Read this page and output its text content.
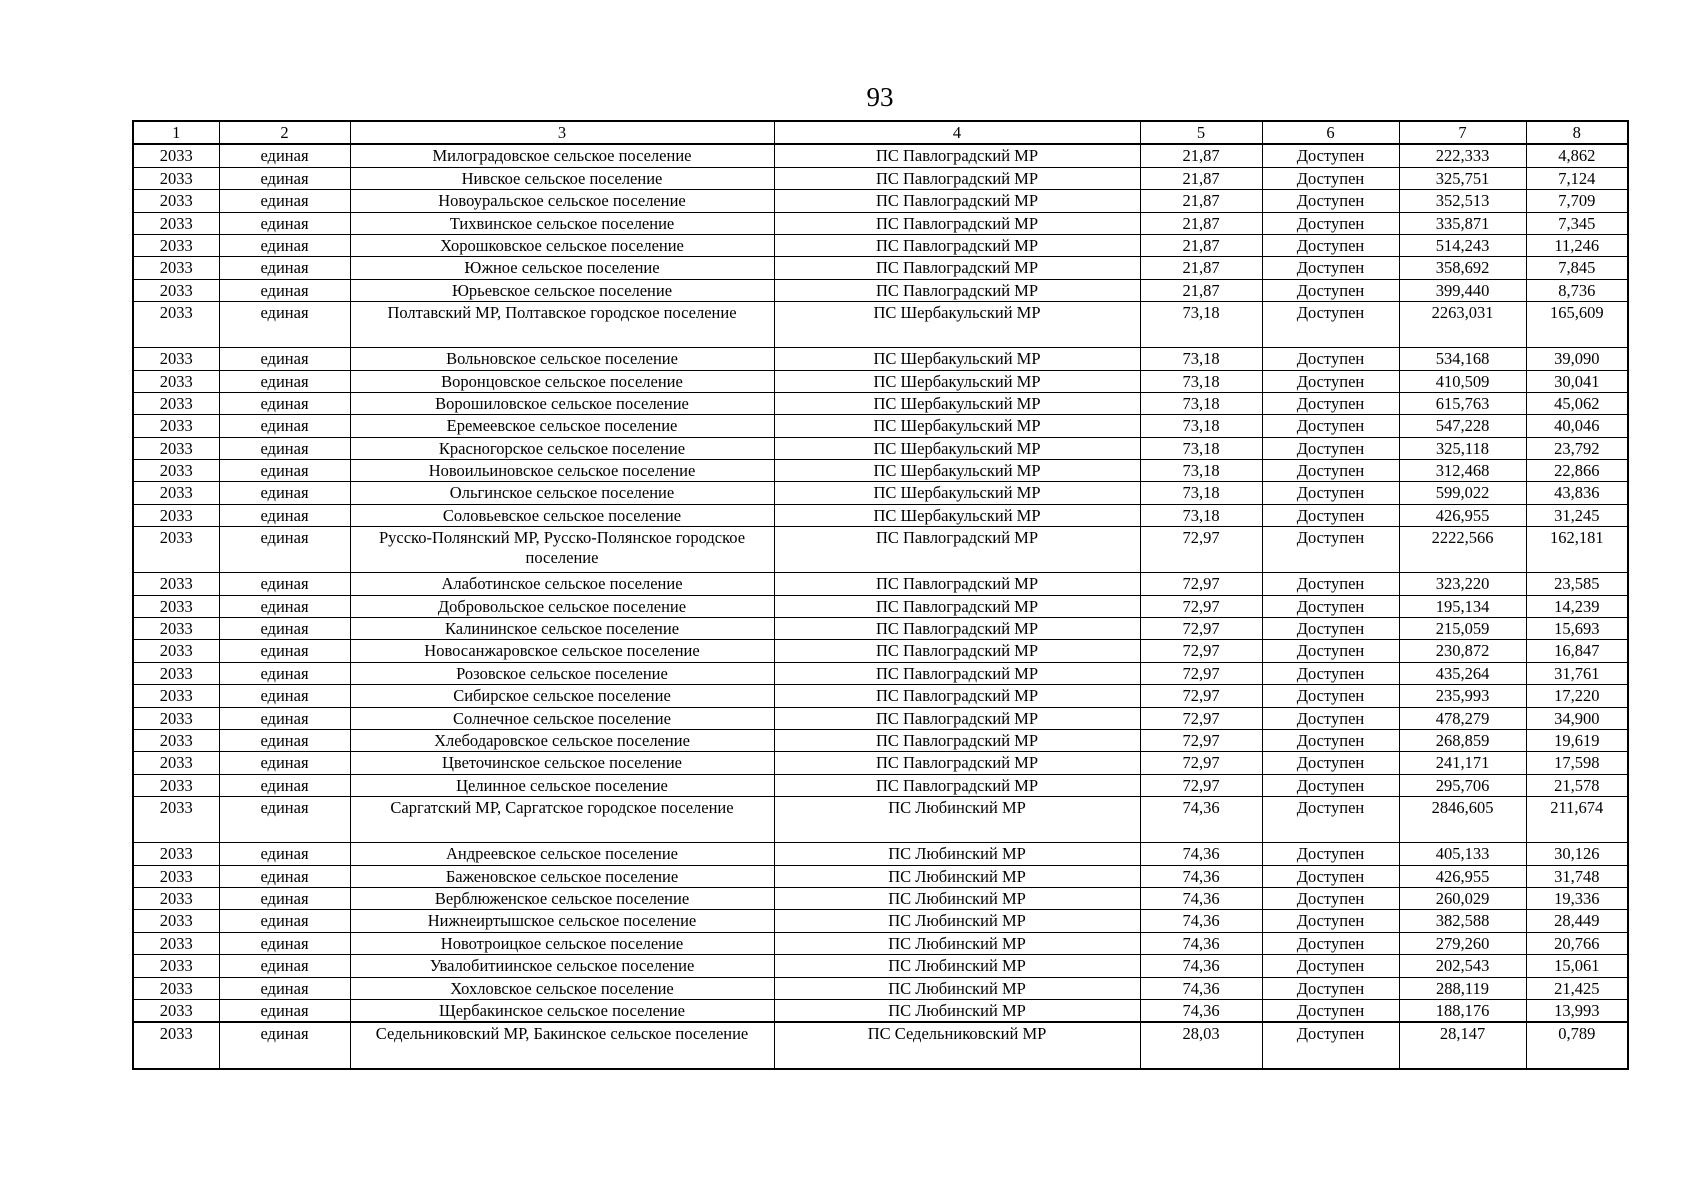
93
1	2	3	4	5	6	7	8
2033	единая	Милоградовское сельское поселение	ПС Павлоградский МР	21,87	Доступен	222,333	4,862
2033	единая	Нивское сельское поселение	ПС Павлоградский МР	21,87	Доступен	325,751	7,124
2033	единая	Новоуральское сельское поселение	ПС Павлоградский МР	21,87	Доступен	352,513	7,709
2033	единая	Тихвинское сельское поселение	ПС Павлоградский МР	21,87	Доступен	335,871	7,345
2033	единая	Хорошковское сельское поселение	ПС Павлоградский МР	21,87	Доступен	514,243	11,246
2033	единая	Южное сельское поселение	ПС Павлоградский МР	21,87	Доступен	358,692	7,845
2033	единая	Юрьевское сельское поселение	ПС Павлоградский МР	21,87	Доступен	399,440	8,736
2033	единая	Полтавский МР, Полтавское городское поселение	ПС Шербакульский МР	73,18	Доступен	2263,031	165,609
2033	единая	Вольновское сельское поселение	ПС Шербакульский МР	73,18	Доступен	534,168	39,090
2033	единая	Воронцовское сельское поселение	ПС Шербакульский МР	73,18	Доступен	410,509	30,041
2033	единая	Ворошиловское сельское поселение	ПС Шербакульский МР	73,18	Доступен	615,763	45,062
2033	единая	Еремеевское сельское поселение	ПС Шербакульский МР	73,18	Доступен	547,228	40,046
2033	единая	Красногорское сельское поселение	ПС Шербакульский МР	73,18	Доступен	325,118	23,792
2033	единая	Новоильиновское сельское поселение	ПС Шербакульский МР	73,18	Доступен	312,468	22,866
2033	единая	Ольгинское сельское поселение	ПС Шербакульский МР	73,18	Доступен	599,022	43,836
2033	единая	Соловьевское сельское поселение	ПС Шербакульский МР	73,18	Доступен	426,955	31,245
2033	единая	Русско-Полянский МР, Русско-Полянское городское поселение	ПС Павлоградский МР	72,97	Доступен	2222,566	162,181
2033	единая	Алаботинское сельское поселение	ПС Павлоградский МР	72,97	Доступен	323,220	23,585
2033	единая	Добровольское сельское поселение	ПС Павлоградский МР	72,97	Доступен	195,134	14,239
2033	единая	Калининское сельское поселение	ПС Павлоградский МР	72,97	Доступен	215,059	15,693
2033	единая	Новосанжаровское сельское поселение	ПС Павлоградский МР	72,97	Доступен	230,872	16,847
2033	единая	Розовское сельское поселение	ПС Павлоградский МР	72,97	Доступен	435,264	31,761
2033	единая	Сибирское сельское поселение	ПС Павлоградский МР	72,97	Доступен	235,993	17,220
2033	единая	Солнечное сельское поселение	ПС Павлоградский МР	72,97	Доступен	478,279	34,900
2033	единая	Хлебодаровское сельское поселение	ПС Павлоградский МР	72,97	Доступен	268,859	19,619
2033	единая	Цветочинское сельское поселение	ПС Павлоградский МР	72,97	Доступен	241,171	17,598
2033	единая	Целинное сельское поселение	ПС Павлоградский МР	72,97	Доступен	295,706	21,578
2033	единая	Саргатский МР, Саргатское городское поселение	ПС Любинский МР	74,36	Доступен	2846,605	211,674
2033	единая	Андреевское сельское поселение	ПС Любинский МР	74,36	Доступен	405,133	30,126
2033	единая	Баженовское сельское поселение	ПС Любинский МР	74,36	Доступен	426,955	31,748
2033	единая	Верблюженское сельское поселение	ПС Любинский МР	74,36	Доступен	260,029	19,336
2033	единая	Нижнеиртышское сельское поселение	ПС Любинский МР	74,36	Доступен	382,588	28,449
2033	единая	Новотроицкое сельское поселение	ПС Любинский МР	74,36	Доступен	279,260	20,766
2033	единая	Увалобитиинское сельское поселение	ПС Любинский МР	74,36	Доступен	202,543	15,061
2033	единая	Хохловское сельское поселение	ПС Любинский МР	74,36	Доступен	288,119	21,425
2033	единая	Щербакинское сельское поселение	ПС Любинский МР	74,36	Доступен	188,176	13,993
2033	единая	Седельниковский МР, Бакинское сельское поселение	ПС Седельниковский МР	28,03	Доступен	28,147	0,789
